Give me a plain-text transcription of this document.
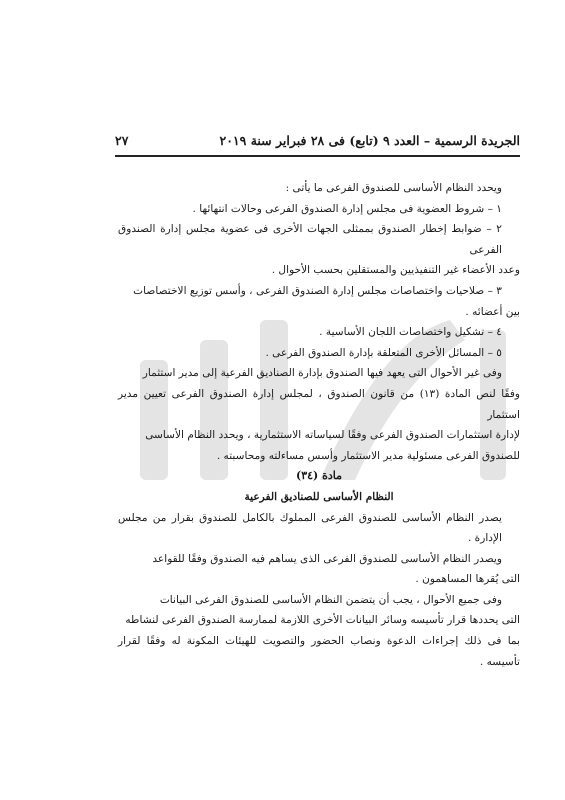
الجريدة الرسمية – العدد ٩ (تابع) فى ٢٨ فبراير سنة ٢٠١٩
٢٧

ويحدد النظام الأساسى للصندوق الفرعى ما يأتى :

١ – شروط العضوية فى مجلس إدارة الصندوق الفرعى وحالات انتهائها .

٢ – ضوابط إخطار الصندوق بممثلى الجهات الأخرى فى عضوية مجلس إدارة الصندوق الفرعى

وعدد الأعضاء غير التنفيذيين والمستقلين بحسب الأحوال .

٣ – صلاحيات واختصاصات مجلس إدارة الصندوق الفرعى ، وأسس توزيع الاختصاصات

بين أعضائه .

٤ – تشكيل واختصاصات اللجان الأساسية .

٥ – المسائل الأخرى المتعلقة بإدارة الصندوق الفرعى .

وفى غير الأحوال التى يعهد فيها الصندوق بإدارة الصناديق الفرعية إلى مدير استثمار

وفقًا لنص المادة (١٣) من قانون الصندوق ، لمجلس إدارة الصندوق الفرعى تعيين مدير استثمار

لإدارة استثمارات الصندوق الفرعى وفقًا لسياساته الاستثمارية ، ويحدد النظام الأساسى

للصندوق الفرعى مسئولية مدير الاستثمار وأسس مساءلته ومحاسبته .

مادة (٣٤)

النظام الأساسى للصناديق الفرعية

يصدر النظام الأساسى للصندوق الفرعى المملوك بالكامل للصندوق بقرار من مجلس الإدارة .

ويصدر النظام الأساسى للصندوق الفرعى الذى يساهم فيه الصندوق وفقًا للقواعد

التى يُقرها المساهمون .

وفى جميع الأحوال ، يجب أن يتضمن النظام الأساسى للصندوق الفرعى البيانات

التى يحددها قرار تأسيسه وسائر البيانات الأخرى اللازمة لممارسة الصندوق الفرعى لنشاطه

بما فى ذلك إجراءات الدعوة ونصاب الحضور والتصويت للهيئات المكونة له وفقًا لقرار تأسيسه .
